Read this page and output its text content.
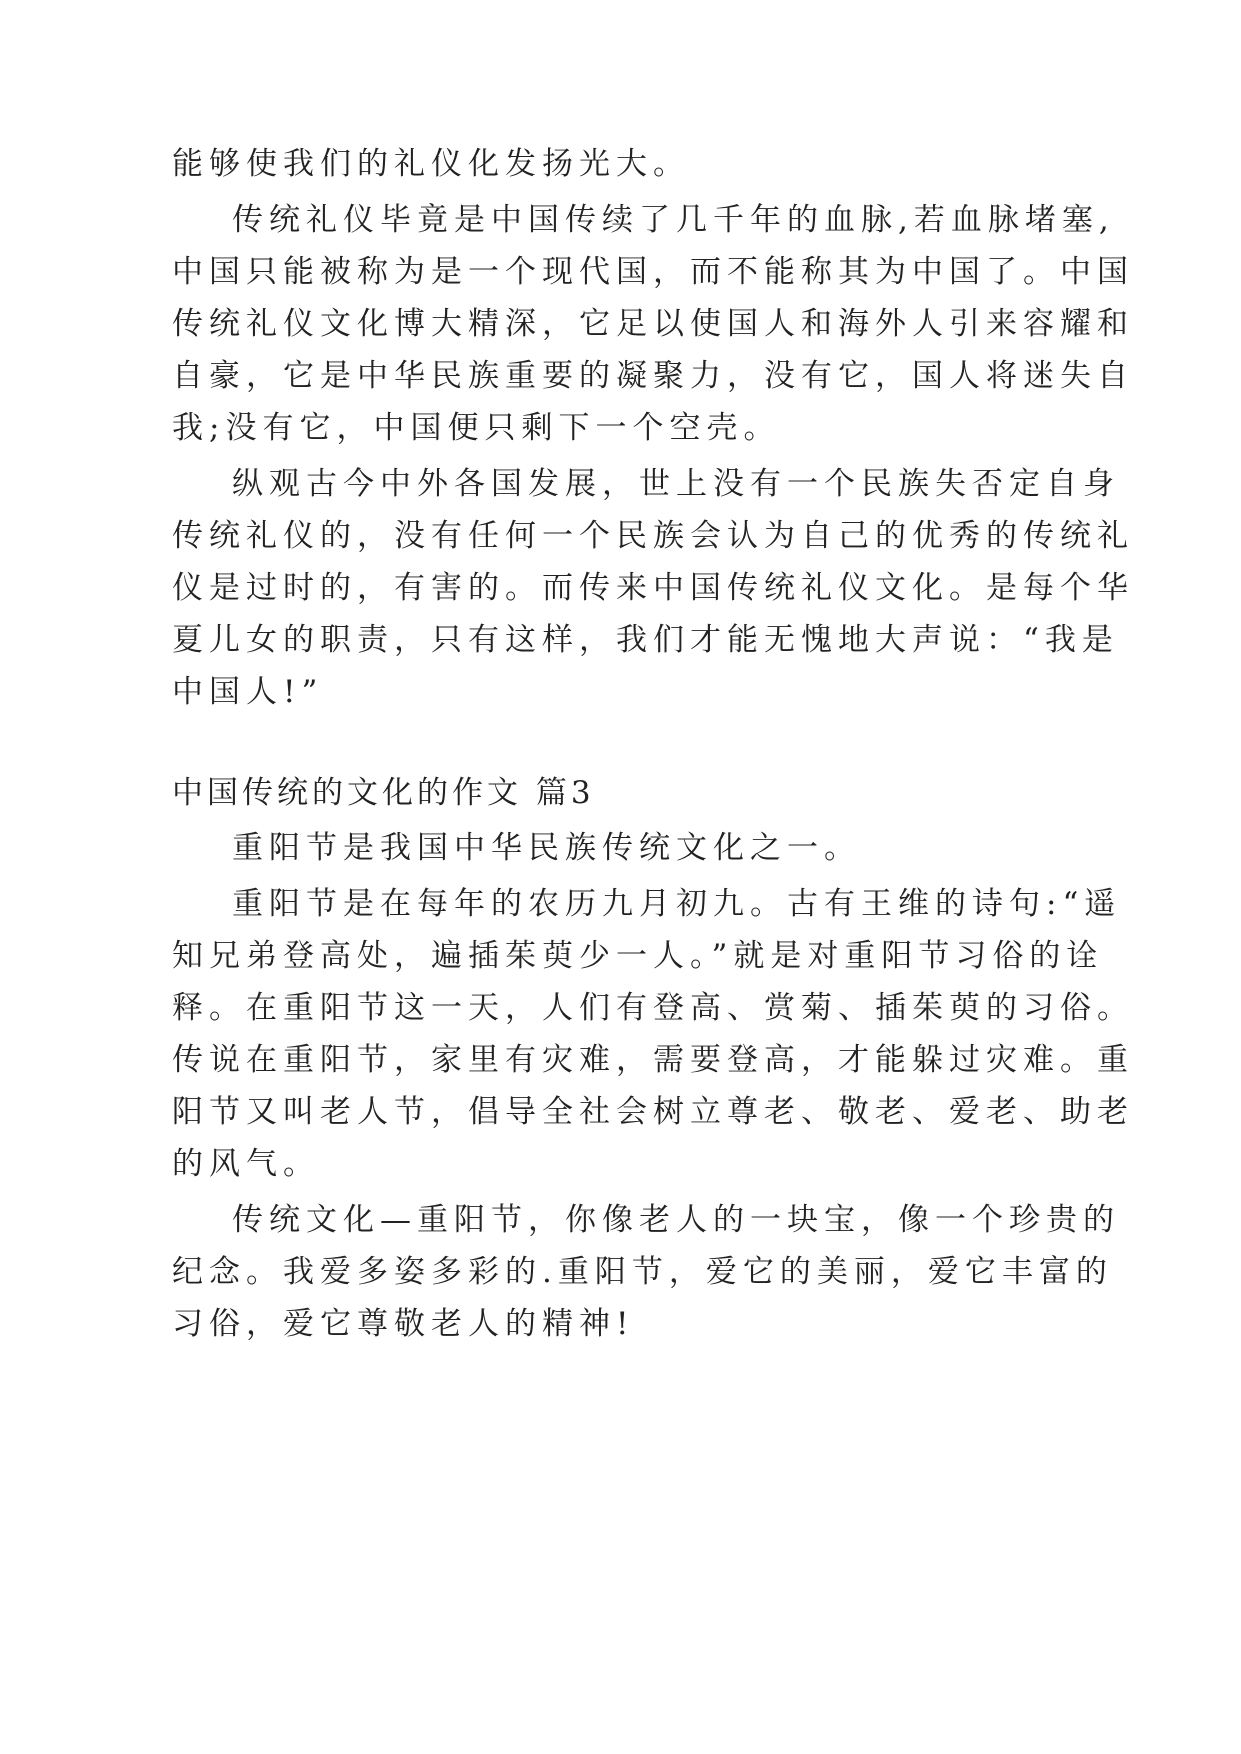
能够使我们的礼仪化发扬光大。

传统礼仪毕竟是中国传续了几千年的血脉,若血脉堵塞,

中国只能被称为是一个现代国，而不能称其为中国了。中国

传统礼仪文化博大精深，它足以使国人和海外人引来容耀和

自豪，它是中华民族重要的凝聚力，没有它，国人将迷失自

我;没有它，中国便只剩下一个空壳。

纵观古今中外各国发展，世上没有一个民族失否定自身

传统礼仪的，没有任何一个民族会认为自己的优秀的传统礼

仪是过时的，有害的。而传来中国传统礼仪文化。是每个华

夏儿女的职责，只有这样，我们才能无愧地大声说：“我是

中国人!”

中国传统的文化的作文 篇3

重阳节是我国中华民族传统文化之一。

重阳节是在每年的农历九月初九。古有王维的诗句:“遥

知兄弟登高处，遍插茱萸少一人。”就是对重阳节习俗的诠

释。在重阳节这一天，人们有登高、赏菊、插茱萸的习俗。

传说在重阳节，家里有灾难，需要登高，才能躲过灾难。重

阳节又叫老人节，倡导全社会树立尊老、敬老、爱老、助老

的风气。

传统文化—重阳节，你像老人的一块宝，像一个珍贵的

纪念。我爱多姿多彩的.重阳节，爱它的美丽，爱它丰富的

习俗，爱它尊敬老人的精神!
